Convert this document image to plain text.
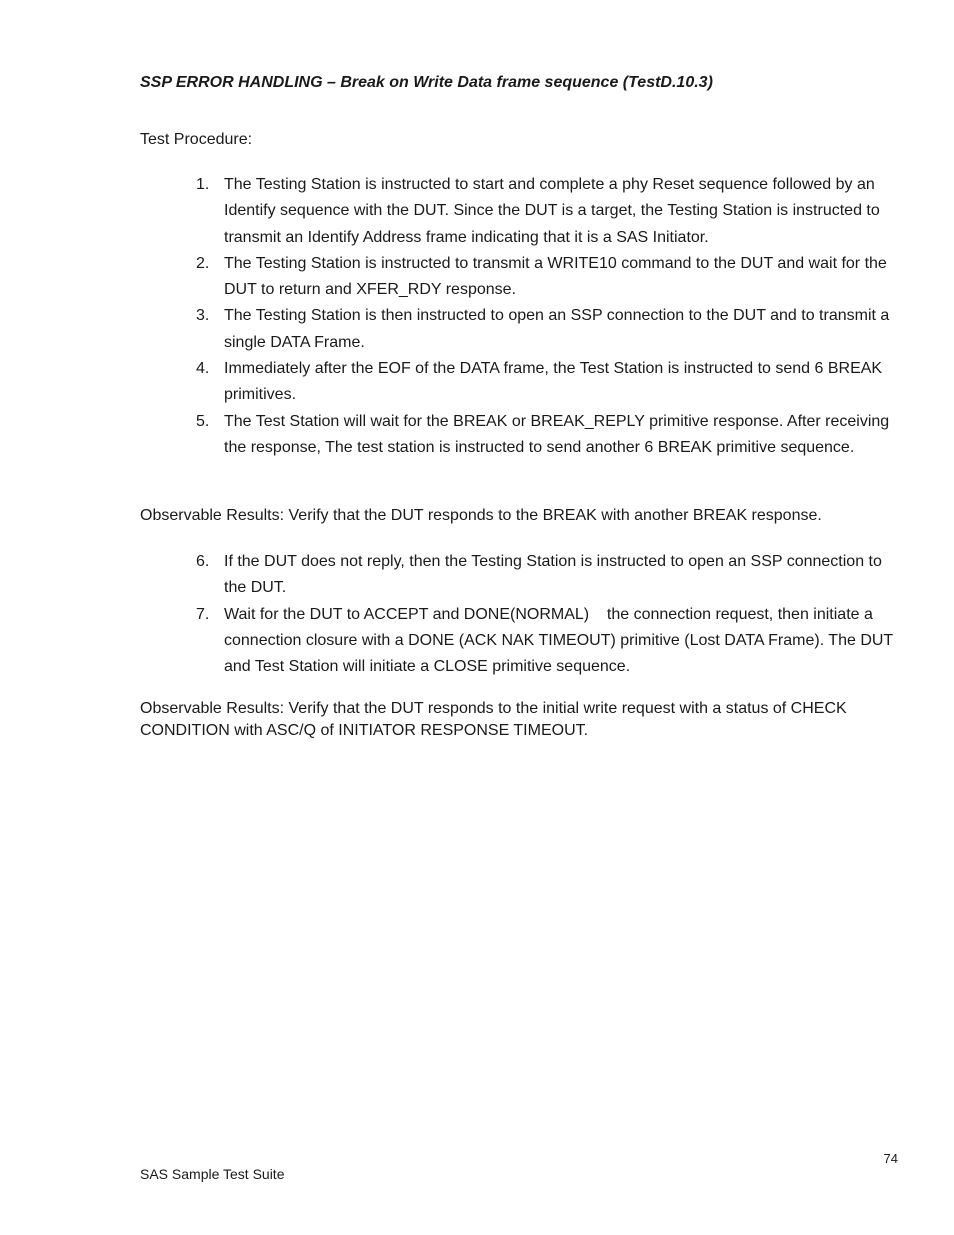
SSP ERROR HANDLING – Break on Write Data frame sequence (TestD.10.3)
Test Procedure:
1. The Testing Station is instructed to start and complete a phy Reset sequence followed by an Identify sequence with the DUT. Since the DUT is a target, the Testing Station is instructed to transmit an Identify Address frame indicating that it is a SAS Initiator.
2. The Testing Station is instructed to transmit a WRITE10 command to the DUT and wait for the DUT to return and XFER_RDY response.
3. The Testing Station is then instructed to open an SSP connection to the DUT and to transmit a single DATA Frame.
4. Immediately after the EOF of the DATA frame, the Test Station is instructed to send 6 BREAK primitives.
5. The Test Station will wait for the BREAK or BREAK_REPLY primitive response. After receiving the response, The test station is instructed to send another 6 BREAK primitive sequence.
Observable Results: Verify that the DUT responds to the BREAK with another BREAK response.
6. If the DUT does not reply, then the Testing Station is instructed to open an SSP connection to the DUT.
7. Wait for the DUT to ACCEPT and DONE(NORMAL)    the connection request, then initiate a connection closure with a DONE (ACK NAK TIMEOUT) primitive (Lost DATA Frame). The DUT and Test Station will initiate a CLOSE primitive sequence.
Observable Results: Verify that the DUT responds to the initial write request with a status of CHECK CONDITION with ASC/Q of INITIATOR RESPONSE TIMEOUT.
74
SAS Sample Test Suite
